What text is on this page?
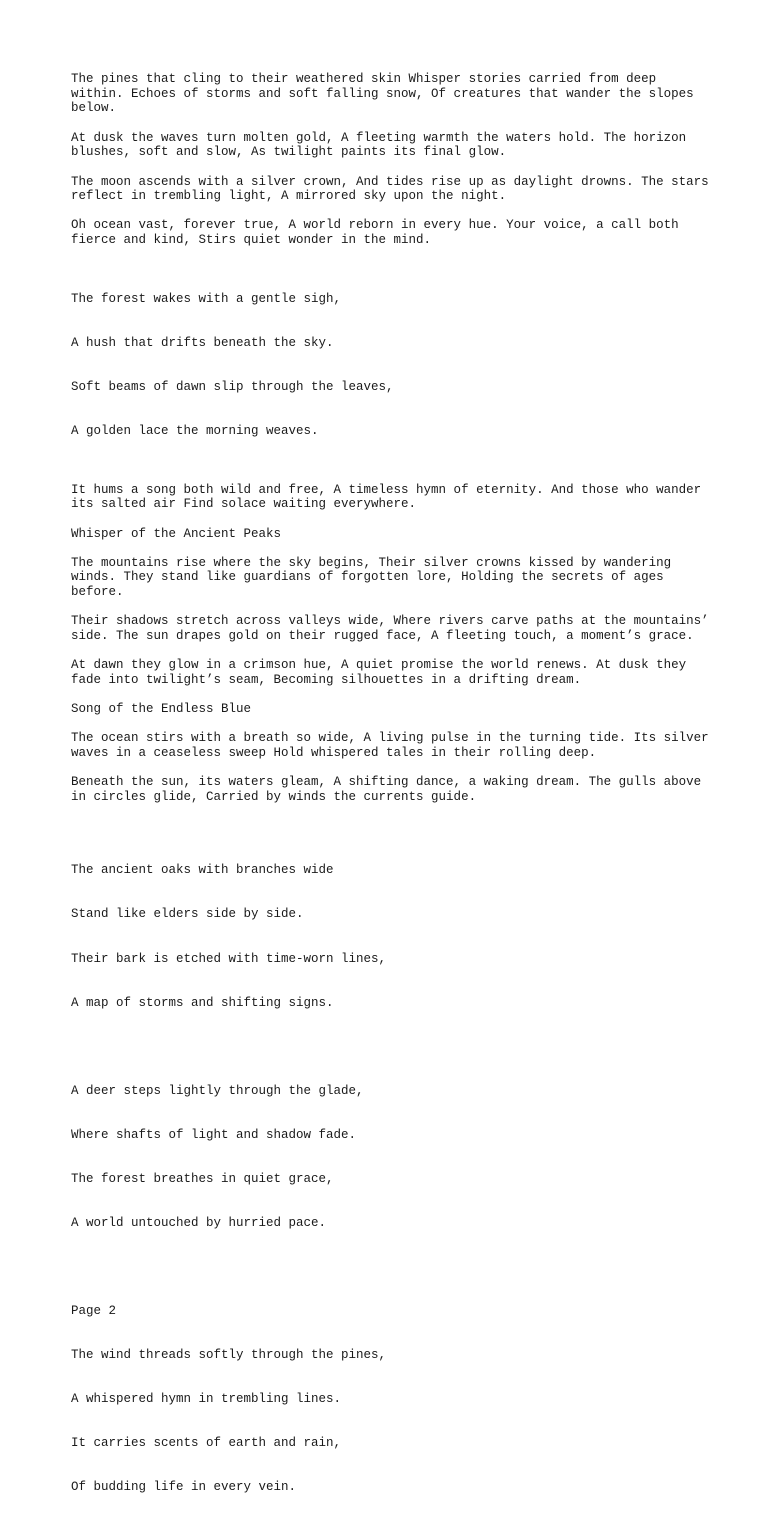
The pines that cling to their weathered skin Whisper stories carried from deep within. Echoes of storms and soft falling snow, Of creatures that wander the slopes below.

At dusk the waves turn molten gold, A fleeting warmth the waters hold. The horizon blushes, soft and slow, As twilight paints its final glow.

The moon ascends with a silver crown, And tides rise up as daylight drowns. The stars reflect in trembling light, A mirrored sky upon the night.

Oh ocean vast, forever true, A world reborn in every hue. Your voice, a call both fierce and kind, Stirs quiet wonder in the mind.

The forest wakes with a gentle sigh,

A hush that drifts beneath the sky.

Soft beams of dawn slip through the leaves,

A golden lace the morning weaves.

It hums a song both wild and free, A timeless hymn of eternity. And those who wander its salted air Find solace waiting everywhere.

Whisper of the Ancient Peaks

The mountains rise where the sky begins, Their silver crowns kissed by wandering winds. They stand like guardians of forgotten lore, Holding the secrets of ages before.

Their shadows stretch across valleys wide, Where rivers carve paths at the mountains’ side. The sun drapes gold on their rugged face, A fleeting touch, a moment’s grace.

At dawn they glow in a crimson hue, A quiet promise the world renews. At dusk they fade into twilight’s seam, Becoming silhouettes in a drifting dream.

Song of the Endless Blue

The ocean stirs with a breath so wide, A living pulse in the turning tide. Its silver waves in a ceaseless sweep Hold whispered tales in their rolling deep.

Beneath the sun, its waters gleam, A shifting dance, a waking dream. The gulls above in circles glide, Carried by winds the currents guide.

The ancient oaks with branches wide

Stand like elders side by side.

Their bark is etched with time-worn lines,

A map of storms and shifting signs.

A deer steps lightly through the glade,

Where shafts of light and shadow fade.

The forest breathes in quiet grace,

A world untouched by hurried pace.

Page 2

The wind threads softly through the pines,

A whispered hymn in trembling lines.

It carries scents of earth and rain,

Of budding life in every vein.
